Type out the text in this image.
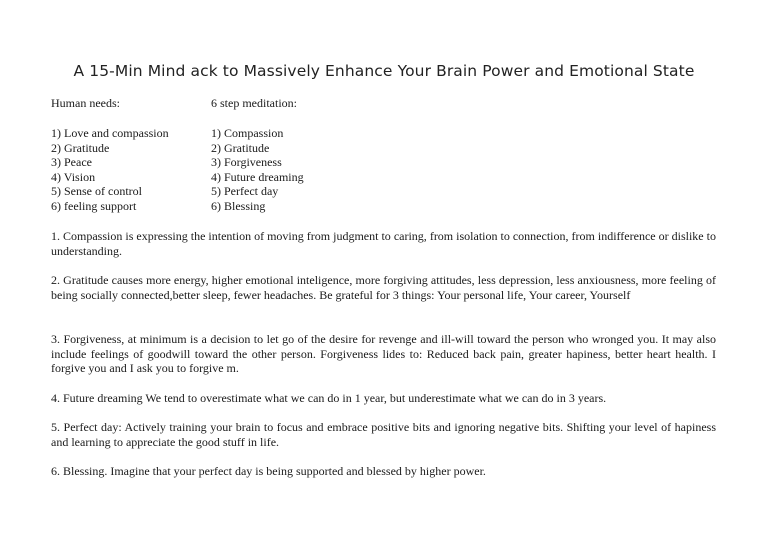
A 15-Min Mind ack to Massively Enhance Your Brain Power and Emotional State
Human needs:	6 step meditation:
1) Love and compassion
2) Gratitude
3) Peace
4) Vision
5) Sense of control
6) feeling support
1) Compassion
2) Gratitude
3) Forgiveness
4) Future dreaming
5) Perfect day
6) Blessing

1. Compassion is expressing the intention of moving from judgment to caring, from isolation to connection, from indifference or dislike to understanding.

2. Gratitude causes more energy, higher emotional inteligence, more forgiving attitudes, less depression, less anxiousness, more feeling of being socially connected,better sleep, fewer headaches. Be grateful for 3 things: Your personal life, Your career, Yourself

3. Forgiveness, at minimum is a decision to let go of the desire for revenge and ill-will toward the person who wronged you. It may also include feelings of goodwill toward the other person. Forgiveness lides to: Reduced back pain, greater hapiness, better heart health. I forgive you and I ask you to forgive m.

4. Future dreaming We tend to overestimate what we can do in 1 year, but underestimate what we can do in 3 years.

5. Perfect day: Actively training your brain to focus and embrace positive bits and ignoring negative bits. Shifting your level of hapiness and learning to appreciate the good stuff in life.

6. Blessing. Imagine that your perfect day is being supported and blessed by higher power.
